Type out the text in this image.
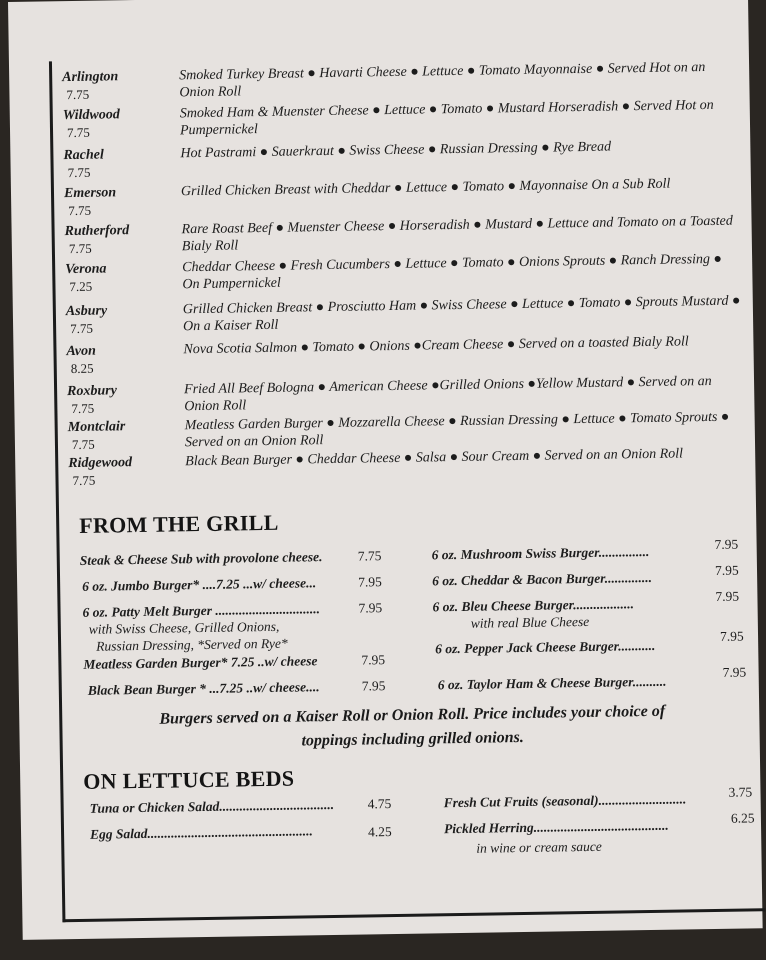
Arlington
7.75
Smoked Turkey Breast ● Havarti Cheese ● Lettuce ● Tomato Mayonnaise ● Served Hot on an Onion Roll
Wildwood
7.75
Smoked Ham & Muenster Cheese ● Lettuce ● Tomato ● Mustard Horseradish ● Served Hot on Pumpernickel
Rachel
7.75
Hot Pastrami ● Sauerkraut ● Swiss Cheese ● Russian Dressing ● Rye Bread
Emerson
7.75
Grilled Chicken Breast with Cheddar ● Lettuce ● Tomato ● Mayonnaise On a Sub Roll
Rutherford
7.75
Rare Roast Beef ● Muenster Cheese ● Horseradish ● Mustard ● Lettuce and Tomato on a Toasted Bialy Roll
Verona
7.25
Cheddar Cheese ● Fresh Cucumbers ● Lettuce ● Tomato ● Onions Sprouts ● Ranch Dressing ● On Pumpernickel
Asbury
7.75
Grilled Chicken Breast ● Prosciutto Ham ● Swiss Cheese ● Lettuce ● Tomato ● Sprouts Mustard ● On a Kaiser Roll
Avon
8.25
Nova Scotia Salmon ● Tomato ● Onions ●Cream Cheese ● Served on a toasted Bialy Roll
Roxbury
7.75
Fried All Beef Bologna ● American Cheese ●Grilled Onions ●Yellow Mustard ● Served on an Onion Roll
Montclair
7.75
Meatless Garden Burger ● Mozzarella Cheese ● Russian Dressing ● Lettuce ● Tomato Sprouts ● Served on an Onion Roll
Ridgewood
7.75
Black Bean Burger ● Cheddar Cheese ● Salsa ● Sour Cream ● Served on an Onion Roll
FROM THE GRILL
Steak & Cheese Sub with provolone cheese.	7.75
6 oz. Jumbo Burger* ....7.25 ...w/ cheese...	7.95
6 oz. Patty Melt Burger ...............................	7.95
with Swiss Cheese, Grilled Onions,
Russian Dressing, *Served on Rye*
Meatless Garden Burger* 7.25 ..w/ cheese	7.95
Black Bean Burger * ...7.25 ..w/ cheese....	7.95
6 oz. Mushroom Swiss Burger...............	7.95
6 oz. Cheddar & Bacon Burger..............	7.95
6 oz. Bleu Cheese Burger..................	7.95
with real Blue Cheese
6 oz. Pepper Jack Cheese Burger...........
7.95
6 oz. Taylor Ham & Cheese Burger..........
7.95
Burgers served on a Kaiser Roll or Onion Roll. Price includes your choice of
toppings including grilled onions.
ON LETTUCE BEDS
Tuna or Chicken Salad.................................. 4.75
Egg Salad.................................................	4.25
Fresh Cut Fruits (seasonal)..........................	3.75
Pickled Herring........................................	6.25
in wine or cream sauce
